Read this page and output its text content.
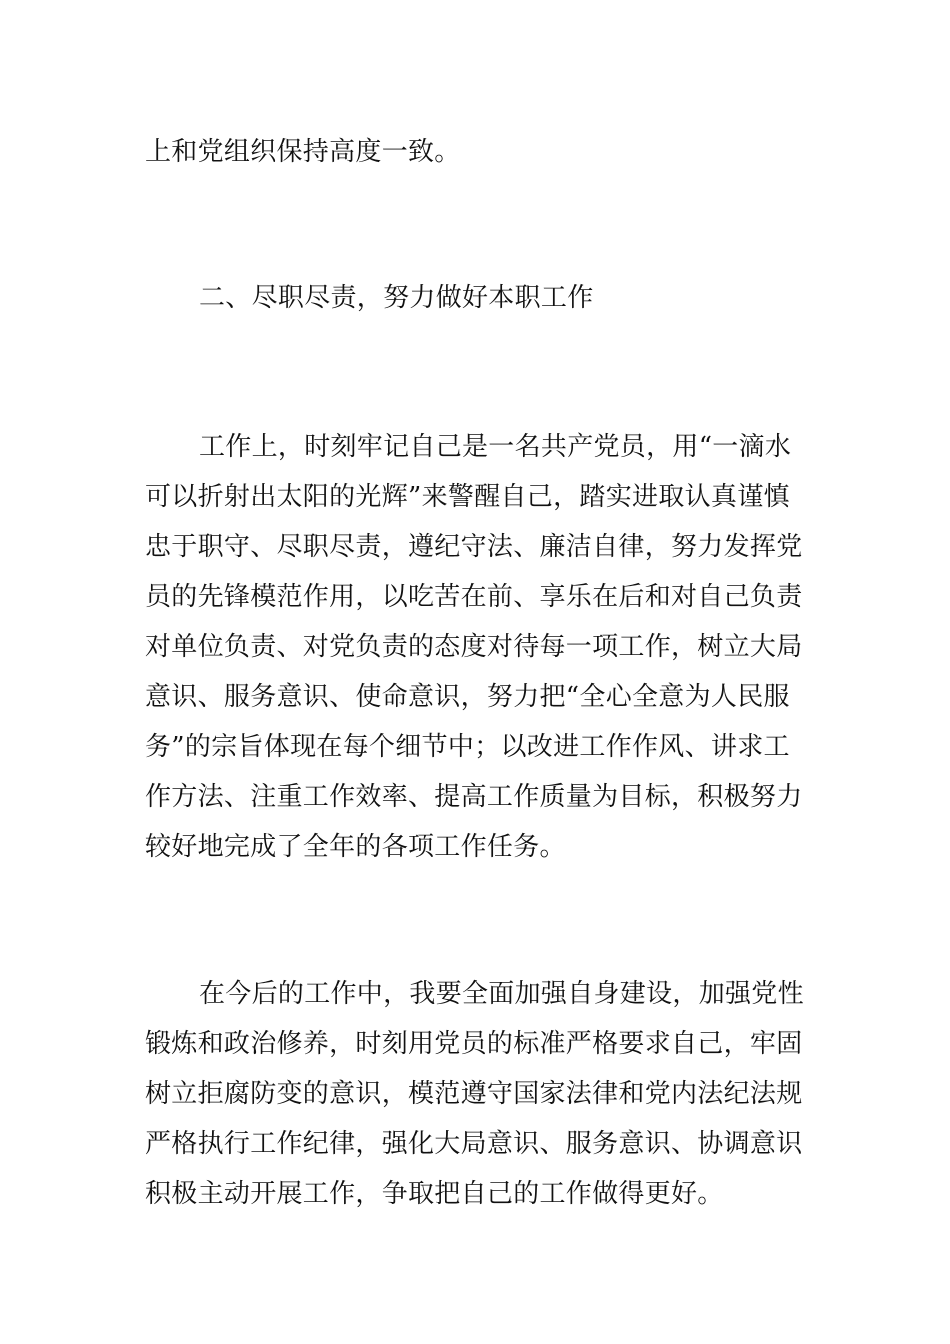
上和党组织保持高度一致。
二、尽职尽责，努力做好本职工作
工作上，时刻牢记自己是一名共产党员，用“一滴水
可以折射出太阳的光辉”来警醒自己，踏实进取认真谨慎
忠于职守、尽职尽责，遵纪守法、廉洁自律，努力发挥党
员的先锋模范作用，以吃苦在前、享乐在后和对自己负责
对单位负责、对党负责的态度对待每一项工作，树立大局
意识、服务意识、使命意识，努力把“全心全意为人民服
务”的宗旨体现在每个细节中；以改进工作作风、讲求工
作方法、注重工作效率、提高工作质量为目标，积极努力
较好地完成了全年的各项工作任务。
在今后的工作中，我要全面加强自身建设，加强党性
锻炼和政治修养，时刻用党员的标准严格要求自己，牢固
树立拒腐防变的意识，模范遵守国家法律和党内法纪法规
严格执行工作纪律，强化大局意识、服务意识、协调意识
积极主动开展工作，争取把自己的工作做得更好。
